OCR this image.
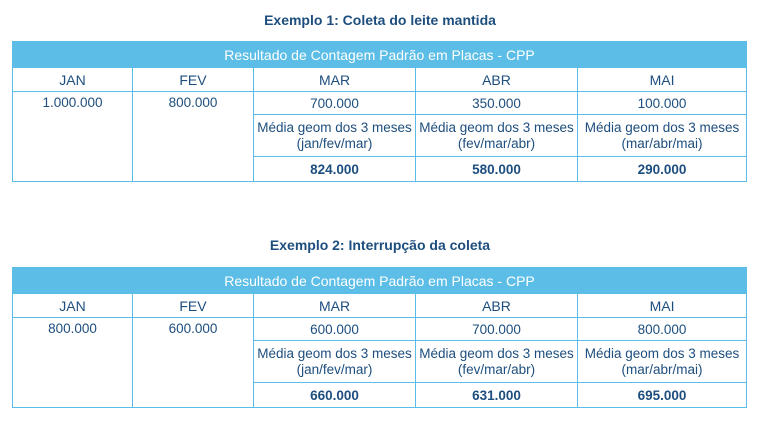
Exemplo 1: Coleta do leite mantida
Resultado de Contagem Padrão em Placas - CPP				
JAN	FEV	MAR	ABR	MAI
1.000.000	800.000	700.000	350.000	100.000
		Média geom dos 3 meses (jan/fev/mar)	Média geom dos 3 meses (fev/mar/abr)	Média geom dos 3 meses (mar/abr/mai)
		824.000	580.000	290.000
Exemplo 2: Interrupção da coleta
Resultado de Contagem Padrão em Placas - CPP				
JAN	FEV	MAR	ABR	MAI
800.000	600.000	600.000	700.000	800.000
		Média geom dos 3 meses (jan/fev/mar)	Média geom dos 3 meses (fev/mar/abr)	Média geom dos 3 meses (mar/abr/mai)
		660.000	631.000	695.000
